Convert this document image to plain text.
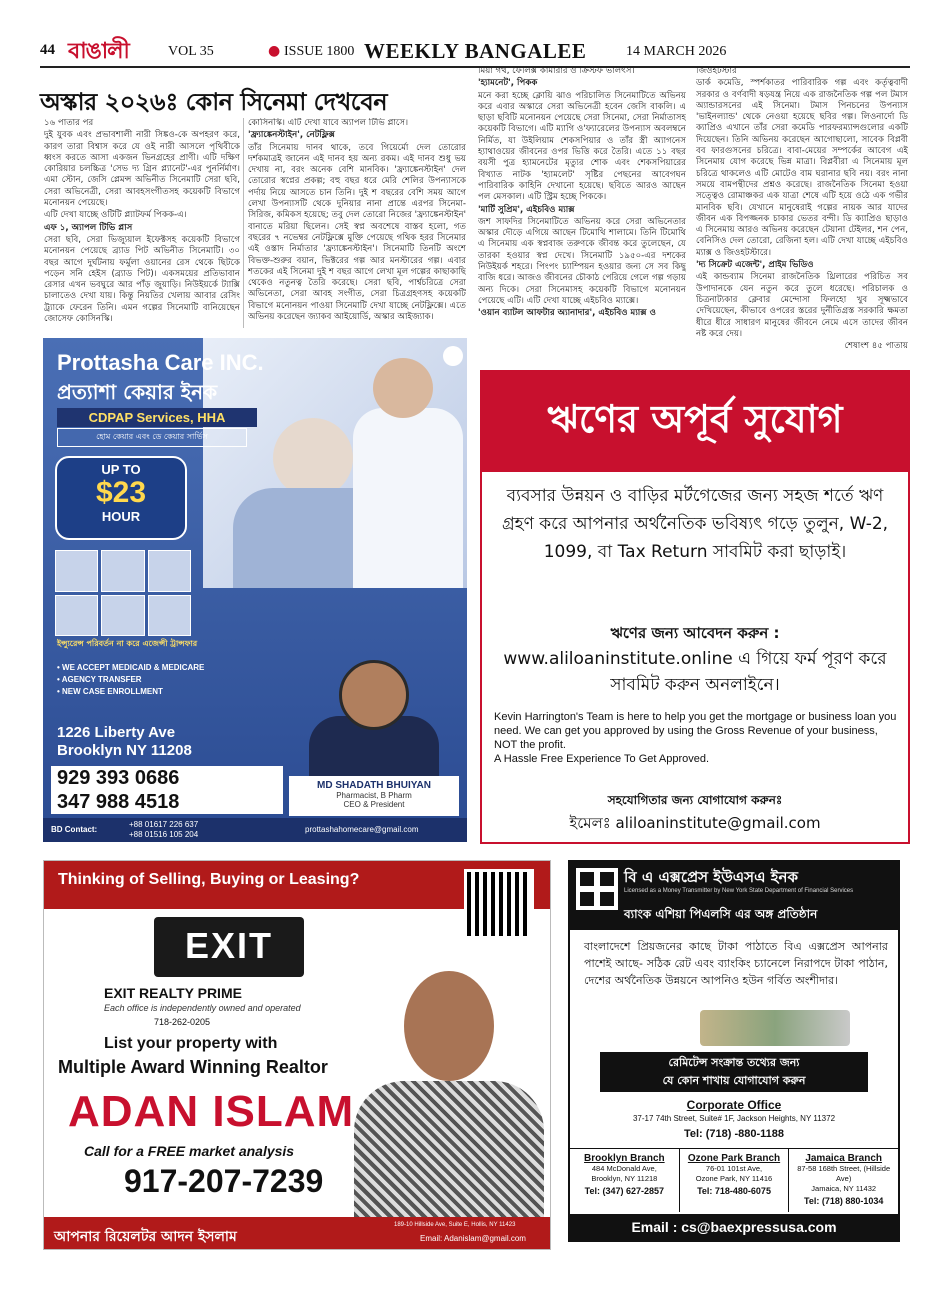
44 বাঙালী	VOL 35	● ISSUE 1800 WEEKLY BANGALEE	14 MARCH 2026
অস্কার ২০২৬ঃ কোন সিনেমা দেখবেন

১৬ পাতার পর

দুই যুবক এবং প্রভাবশালী নারী সিঙ্কও-কে অপহরণ করে, কারণ তারা বিশ্বাস করে যে ওই নারী আসলে পৃথিবীকে ধ্বংস করতে আসা একজন ভিনগ্রহের প্রাণী। এটি দক্ষিণ কোরিয়ার চলচ্চিত্র 'সেভ দ্য গ্রিন প্ল্যানেট'-এর পুনর্নির্মাণ। এমা স্টোন, জেসি প্লেমন্স অভিনীত সিনেমাটি সেরা ছবি, সেরা অভিনেত্রী, সেরা আবহসংগীতসহ কয়েকটি বিভাগে মনোনয়ন পেয়েছে।

এটি দেখা যাচ্ছে ওটিটি প্ল্যাটফর্ম পিকক-এ।

এফ ১, অ্যাপল টিভি প্লাস

সেরা ছবি, সেরা ভিজ্যুয়াল ইফেক্টসহ কয়েকটি বিভাগে মনোনয়ন পেয়েছে ব্র্যাড পিট অভিনীত সিনেমাটি। ৩০ বছর আগে দুর্ঘটনায় ফর্মুলা ওয়ানের রেস থেকে ছিটকে পড়েন সনি হেইস (ব্র্যাড পিট)। একসময়ের প্রতিভাবান রেসার এখন ভবঘুরে আর পাঁড় জুয়াড়ি। নিউইয়র্কে ট্যাক্সি চালাতেও দেখা যায়। কিন্তু নিয়তির খেলায় আবার রেসিং ট্র্যাকে ফেরেন তিনি। এমন গল্পের সিনেমাটি বানিয়েছেন জোসেফ কোসিনস্কি।

কোসিনস্কি। এটি দেখা যাবে অ্যাপল টিভি প্লাসে।

'ফ্র্যাঙ্কেনস্টাইন', নেটফ্লিক্স

তাঁর সিনেমায় দানব থাকে, তবে গিয়ের্মো দেল তোরোর দর্শকমাত্রই জানেন এই দানব হয় অন্য রকম। এই দানব শুধু ভয় দেখায় না, বরং অনেক বেশি মানবিক। 'ফ্র্যাঙ্কেনস্টাইন' দেল তোরোর স্বপ্নের প্রকল্প; বহু বছর ধরে মেরি শেলির উপন্যাসকে পর্দায় নিয়ে আসতে চান তিনি। দুই শ বছরের বেশি সময় আগে লেখা উপন্যাসটি থেকে দুনিয়ার নানা প্রান্তে এরপর সিনেমা-সিরিজ, কমিকস হয়েছে; তবু দেল তোরো নিজের 'ফ্র্যাঙ্কেনস্টাইন' বানাতে মরিয়া ছিলেন। সেই স্বপ্ন অবশেষে বাস্তব হলো, গত বছরের ৭ নভেম্বর নেটফ্লিক্সে মুক্তি পেয়েছে গথিক হরর সিনেমার এই ওস্তাদ নির্মাতার 'ফ্র্যাঙ্কেনস্টাইন'। সিনেমাটি তিনটি অংশে বিভক্ত-শুরুর বয়ান, ভিক্টরের গল্প আর মনস্টারের গল্প। এবার শতকের এই সিনেমা দুই শ বছর আগে লেখা মূল গল্পের কাছাকাছি থেকেও নতুনত্ব তৈরি করেছে। সেরা ছবি, পার্শ্বচরিত্রে সেরা অভিনেতা, সেরা আবহ সংগীত, সেরা চিত্রগ্রহণসহ কয়েকটি বিভাগে মনোনয়ন পাওয়া সিনেমাটি দেখা যাচ্ছে নেটফ্লিক্সে। এতে অভিনয় করেছেন জ্যাকব আইয়োর্ডি, অস্কার আইজ্যাক।

মিয়া গথ, ফেলিক্স কামারার ও ক্রিস্টফ ভালৎস।

'হ্যামনেট', পিকক

মনে করা হচ্ছে ক্লোয়ি ঝাও পরিচালিত সিনেমাটিতে অভিনয় করে এবার অস্কারে সেরা অভিনেত্রী হবেন জেসি বাকলি। এ ছাড়া ছবিটি মনোনয়ন পেয়েছে সেরা সিনেমা, সেরা নির্মাতাসহ কয়েকটি বিভাগে। এটি ম্যাগি ও'ফ্যারেলের উপন্যাস অবলম্বনে নির্মিত, যা উইলিয়াম শেকসপিয়ার ও তাঁর স্ত্রী অ্যাগনেস হ্যাথাওয়ের জীবনের ওপর ভিত্তি করে তৈরি। এতে ১১ বছর বয়সী পুত্র হ্যামনেটের মৃত্যুর শোক এবং শেকসপিয়ারের বিখ্যাত নাটক 'হ্যামলেট' সৃষ্টির পেছনের আবেগঘন পারিবারিক কাহিনি দেখানো হয়েছে। ছবিতে আরও আছেন পল মেসকাল। এটি স্ট্রিম হচ্ছে পিককে।

'মার্টি সুপ্রিম', এইচবিও ম্যাক্স

জশ সাফদির সিনেমাটিতে অভিনয় করে সেরা অভিনেতার অস্কার দৌড়ে এগিয়ে আছেন টিমোথি শালামে। তিনি টিমোথি এ সিনেমায় এক স্বপ্নবাজ তরুণকে জীবন্ত করে তুলেছেন, যে তারকা হওয়ার স্বপ্ন দেখে। সিনেমাটি ১৯৫০-এর দশকের নিউইয়র্ক শহরে। পিংপং চ্যাম্পিয়ন হওয়ার জন্য সে সব কিছু বাজি ধরে। আজও জীবনের চৌকাঠ পেরিয়ে গেলে গল্প গড়ায় অন্য দিকে। সেরা সিনেমাসহ কয়েকটি বিভাগে মনোনয়ন পেয়েছে এটি। এটি দেখা যাচ্ছে এইচবিও ম্যাক্সে।

'ওয়ান ব্যাটল আফটার অ্যানাদার', এইচবিও ম্যাক্স ও

জিওহটস্টার

ডার্ক কমেডি, স্পর্শকাতর পারিবারিক গল্প এবং কর্তৃত্ববাদী সরকার ও বর্ণবাদী ষড়যন্ত্র নিয়ে এক রাজনৈতিক গল্প পল টমাস অ্যান্ডারসনের এই সিনেমা। টমাস পিনচনের উপন্যাস 'ভাইনল্যান্ড' থেকে নেওয়া হয়েছে ছবির গল্প। লিওনার্দো ডি ক্যাপ্রিও এখানে তাঁর সেরা কমেডি পারফরম্যান্সগুলোর একটি দিয়েছেন। তিনি অভিনয় করেছেন আগোছালো, সাবেক বিপ্লবী বব ফারগুসনের চরিত্রে। বাবা-মেয়ের সম্পর্কের আবেগ এই সিনেমায় যোগ করেছে ভিন্ন মাত্রা। বিপ্লবীরা এ সিনেমায় মূল চরিত্রে থাকলেও এটি মোটেও বাম ঘরানার ছবি নয়। বরং নানা সময়ে বামপন্থীদের প্রশ্নও করেছে। রাজনৈতিক সিনেমা হওয়া সত্ত্বেও রোমাঞ্চকর এক যাত্রা শেষে এটি হয়ে ওঠে এক গভীর মানবিক ছবি। যেখানে মানুষেরাই গল্পের নায়ক আর যাদের জীবন এক বিপজ্জনক চাকার ভেতর বন্দী। ডি ক্যাপ্রিও ছাড়াও এ সিনেমায় আরও অভিনয় করেছেন টেয়ানা টেইলর, শন পেন, বেনিসিও দেল তোরো, রেজিনা হল। এটি দেখা যাচ্ছে এইচবিও ম্যাক্স ও জিওহটস্টারে।

'দ্য সিক্রেট এজেন্ট', প্রাইম ভিডিও

এই কান্ডব্যাম সিনেমা রাজনৈতিক থ্রিলারের পরিচিত সব উপাদানকে যেন নতুন করে তুলে ধরেছে। পরিচালক ও চিত্রনাট্যকার ক্লেবার মেন্দোসা ফিলহো খুব সূক্ষ্মভাবে দেখিয়েছেন, কীভাবে ওপরের স্তরের দুর্নীতিগ্রস্ত সরকারি ক্ষমতা ধীরে ধীরে সাধারণ মানুষের জীবনে নেমে এসে তাদের জীবন নষ্ট করে দেয়।

শেষাংশ ৪৫ পাতায়

Prottasha Care INC.
প্রত্যাশা কেয়ার ইনক
CDPAP Services, HHA
হোম কেয়ার এবং ডে কেয়ার সার্ভিস
UP TO
$23
HOUR
ইন্স্যুরেন্স পরিবর্তন না করে এজেন্সী ট্রান্সফার
• WE ACCEPT MEDICAID & MEDICARE
• AGENCY TRANSFER
• NEW CASE ENROLLMENT
1226 Liberty Ave
Brooklyn NY 11208
929 393 0686
347 988 4518
MD SHADATH BHUIYAN
Pharmacist, B Pharm
CEO & President
BD Contact:
+88 01617 226 637
+88 01516 105 204
prottashahomecare@gmail.com
ঋণের অপূর্ব সুযোগ
ব্যবসার উন্নয়ন ও বাড়ির মর্টগেজের জন্য সহজ শর্তে ঋণ গ্রহণ করে আপনার অর্থনৈতিক ভবিষ্যৎ গড়ে তুলুন, W-2, 1099, বা Tax Return সাবমিট করা ছাড়াই।
ঋণের জন্য আবেদন করুন :
www.aliloaninstitute.online এ গিয়ে ফর্ম পূরণ করে সাবমিট করুন অনলাইনে।
Kevin Harrington's Team is here to help you get the mortgage or business loan you need. We can get you approved by using the Gross Revenue of your business, NOT the profit.
A Hassle Free Experience To Get Approved.
সহযোগিতার জন্য যোগাযোগ করুনঃ
ইমেলঃ aliloaninstitute@gmail.com
Thinking of Selling, Buying or Leasing?
EXIT
EXIT REALTY PRIME
Each office is independently owned and operated
718-262-0205
List your property with
Multiple Award Winning Realtor
ADAN ISLAM
Call for a FREE market analysis
917-207-7239
আপনার রিয়েলটর আদন ইসলাম
189-10 Hillside Ave, Suite E, Hollis, NY 11423
Email: Adanislam@gmail.com
বি এ এক্সপ্রেস ইউএসএ ইনক
Licensed as a Money Transmitter by New York State Department of Financial Services
ব্যাংক এশিয়া পিএলসি এর অঙ্গ প্রতিষ্ঠান
বাংলাদেশে প্রিয়জনের কাছে টাকা পাঠাতে বিএ এক্সপ্রেস আপনার পাশেই আছে- সঠিক রেট এবং ব্যাংকিং চ্যানেলে নিরাপদে টাকা পাঠান, দেশের অর্থনৈতিক উন্নয়নে আপনিও হউন গর্বিত অংশীদার।
রেমিটেন্স সংক্রান্ত তথ্যের জন্য
যে কোন শাখায় যোগাযোগ করুন
Corporate Office
37-17 74th Street, Suite# 1F, Jackson Heights, NY 11372
Tel: (718) -880-1188
Brooklyn Branch
484 McDonald Ave,
Brooklyn, NY 11218
Tel: (347) 627-2857
Ozone Park Branch
76-01 101st Ave,
Ozone Park, NY 11416
Tel: 718-480-6075
Jamaica Branch
87-58 168th Street, (Hillside Ave)
Jamaica, NY 11432
Tel: (718) 880-1034
Email : cs@baexpressusa.com
